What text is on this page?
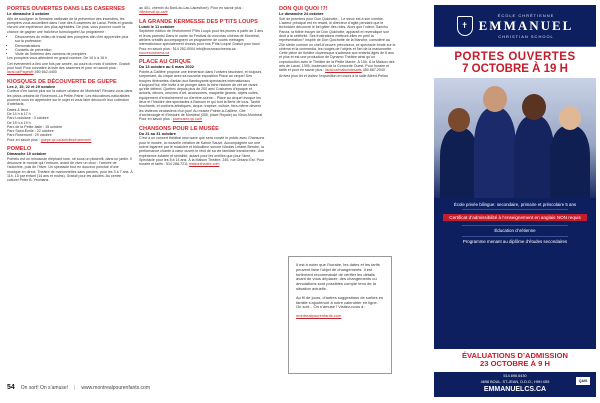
PORTES OUVERTES DANS LES CASERNES
Le dimanche 3 octobre
Afin de souligner la Semaine nationale de la prévention des incendies, les pompiers vous accueillent dans l’une des 8 casernes de Laval. Petits et grands vivront une expérience des plus agréables. De plus, vous pourrez courir la chance de gagner une fraîcheur homologuée! Au programme :
• Découvertes du milieu de travail des pompiers afin d’en apprendre plus sur la profession
• Démonstrations
• Conseils de prévention
• Visite de l’intérieur des camions de pompiers
Les pompiers vous attendent en grand nombre. De 10 h à 16 h
Cet événement a lieu une fois par année, au cours du mois d’octobre. Gratuit pour tout! Pour connaître la liste des casernes et pour en savoir plus : laval.ca/Pages/fr 450 662-4400
KIOSQUES DE DÉCOUVERTE DE GUEPE
Les 2, 15, 22 et 29 octobre
Curieux d’en savoir plus sur la nature urbaine de Montréal? Rendez-vous dans les parcs-urbains de Rosemont–La Petite-Patrie. Les éducateurs-naturalistes pourront vous en apprendre sur le sujet et vous faire découvrir leur collection d’artefacts.
Dates & lieux :
De 14 h à 17 h
Parc Louisiane : 3 octobre
De 15 h à 19 h
Parc de la Petite-Italie : 15 octobre
Parc Saint-Émile : 22 octobre
Parc Rosemont : 29 octobre
Pour en savoir plus : guepe.qc.ca/activites/rosemont/
POMELO
Dimanche 10 octobre
Pomelo est un minuscule éléphant rose, né sous un pissenlit, dans un jardin. Il découvre le monde qui l’entoure, avant de vivre un choc : l’arrivée de l’automne, puis de l’hiver. Un spectacle tout en douceur ponctué d’une musique en direct. Théâtre de marionnettes sans paroles, pour les 3 à 7 ans. À 11h. 15 par enfant (14 ans et moins). Gratuit pour les adultes. Au centre culturel Peter B. Yeomans
au 401, chemin du Bord-du-Lac-Lakeshore). Pour en savoir plus : villedorval.qc.ca/fr
LA GRANDE KERMESSE DES P’TITS LOUPS
Lundi le 11 octobre
Septième édition de l’événement P’tits Loups pour les jeunes à partir de 3 ans et leurs parents! Dans le cadre du Festival du nouveau cinéma de Montréal, ateliers créatifs accompagnent un programme de courts métrages internationaux spécialement choisis pour nos P’tits Loups! Gratuit pour tous! Pour en savoir plus : 514 282-0004 info@nouveaucinema.ca nouveaucinema.ca
PLACE AU CIRQUE
Du 13 octobre au 6 mars 2022
Pointe-à-Callière propose une immersion dans l’univers fascinant, et toujours surprenant, du cirque avec sa nouvelle exposition Place au cirque! Des troupes itinérantes d’antan aux flamboyants spectacles internationaux d’aujourd’hui, elle invite à se plonger dans la riche histoire de cet art vivant qu’elle défend. Québec depuis plus de 200 ans! Costumes d’époque et actuels, décors, oeuvres d’art, accessoires, maquette géants, objets cultes, équipement d’entraînement ou d’arrière-scène... Place au cirque! évoque les lieux et l’histoire des spectacles à Barnum et qui font la fierté de tous. Tantôt touchants, et conforts artistiques, cirque, trapèze, culture, fera même devenir les visiteurs circassiens d’un jour! Au musée Pointe-à-Callière, Cité d’archéologie et d’histoire de Montréal (350, place Royale) au Vieux-Montréal. Pour en savoir plus : pacmusee.qc.ca/fr
CHANSONS POUR LE MUSÉE
Du 21 au 31 octobre
C’est à un concert théâtral new wave que sera convié le public avec Chansons pour le musée, la nouvelle création de Karine Sauvé. Accompagnée sur une scène bigarrée par le musicien et bidouilleur sonore Nicolas Letarte-Bérubé, la performance chante à cœur ouvert le récit de sa vie familiale transformée. Une expérience éclatée et sensible, autant pour les oreilles que pour l’âme. Spectacle pour les 8 à 14 ans. À la Maison Théâtre, 245, rue Ontario Est. Pour horaire et tarifs : 514 288-7211 maisontheatre.com
DON QUI QUOI !?!
Le dimanche 24 octobre
Soit de premiers pour Don Quichotte... Le sieux est à son comble. L’acteur principal est en retard, le directeur d’agité pendant que le technicien découvre le bel gâter des rôles. Alors que l’odeur, Sancho Panza, la fidèle écuyer de Don Quichotte, apparaît et revendique son droit à la célébrité. Ses frustrations mettront-elles en péril la représentation? Inspiré de Don Quichotte de la Manche, considéré au 20e siècle comme un chef-d’oeuvre précurseur, ce spectacle fondé sur le cinéma et la commedia, les rouges de l’objets et l’art de la marionnette. Cette pièce de théâtre clownesque s’adresse aux enfants âgés de 6 ans et plus et est une production de Dynamo Théâtre ainsi qu’un coproduction avec le Théâtre de la Petite Marée. À 15h. À la Maison des arts de Laval, 1395, boulevard de la Concorde Ouest. Pour horaire et tarifs et pour en savoir plus : laval.ca/maisondesarts 450 667-2040
Arrivez plus tôt et visitez l’exposition en cours à la salle Alfred-Pellan
Il est à noter que l’horaire, les dates et les tarifs peuvent faire l’objet de changements. Il est fortement recommandé de vérifier les détails avant de vous déplacer; des changements ou annulations sont possibles compte tenu de la situation actuelle.
Au fil de jours, d’autres suggestions de sorties en famille s’ajouteront à notre calendrier en ligne. On sort... On s’amuse ! Visitez-nous à :
montrealpourenfants.com
54 On sort! On s’amuse! | www.montrealpourenfants.com
✝
ÉCOLE CHRÉTIENNE
EMMANUEL
CHRISTIAN SCHOOL
PORTES OUVERTES
7 OCTOBRE À 19 H
École privée bilingue: secondaire, primaire et préscolaire 5 ans
Certificat d’admissibilité à l’enseignement en anglais NON requis
Éducation chrétienne
Programme menant au diplôme d’études secondaires
ÉVALUATIONS D’ADMISSION
23 OCTOBRE À 9 H
514.696.6430
4698 BOUL. ST-JEAN, D.D.O., H9H 4S5
EMMANUELCS.CA
QAIS
